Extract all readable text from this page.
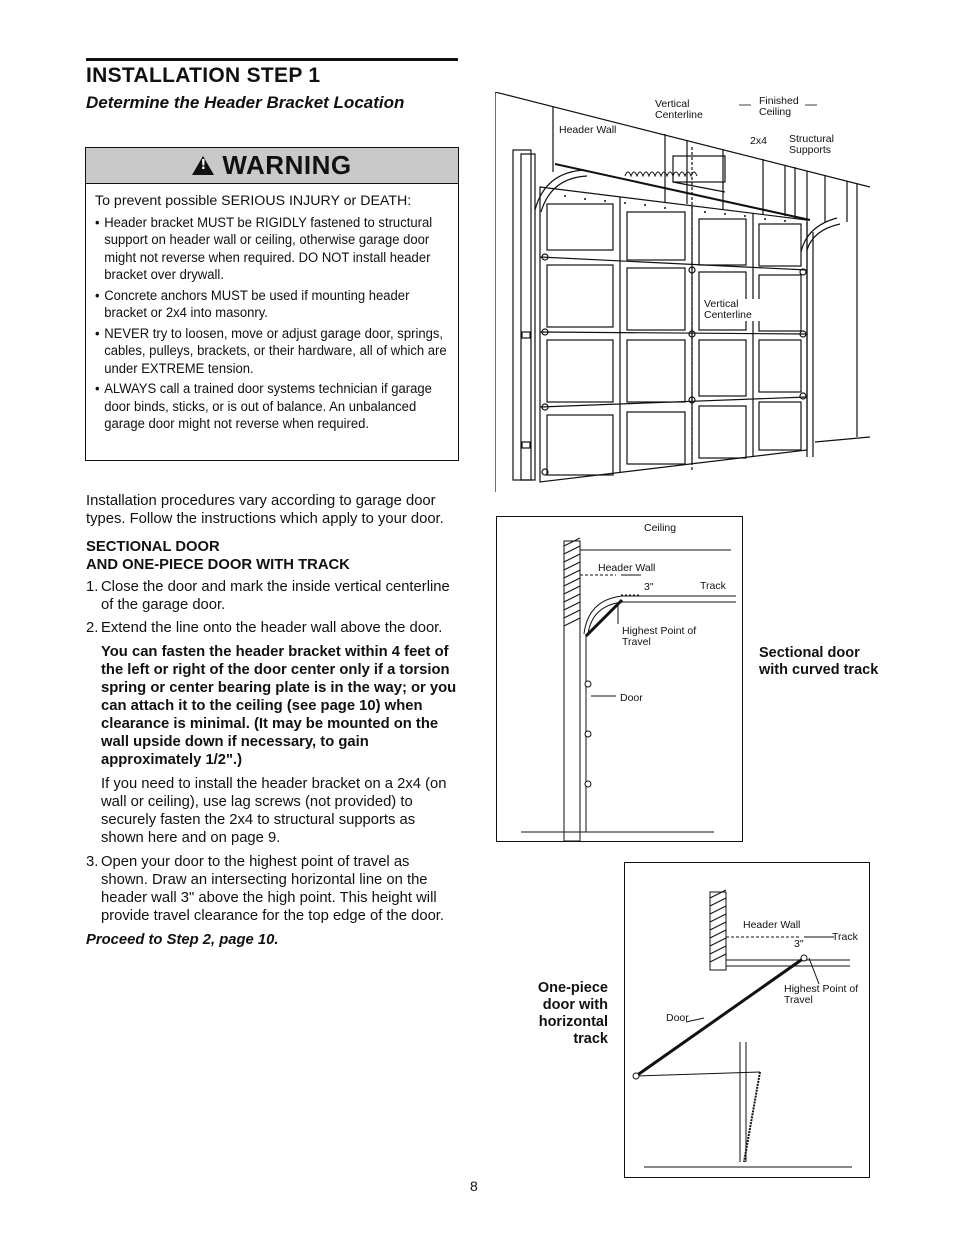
INSTALLATION STEP 1
Determine the Header Bracket Location
! WARNING
To prevent possible SERIOUS INJURY or DEATH:
• Header bracket MUST be RIGIDLY fastened to structural support on header wall or ceiling, otherwise garage door might not reverse when required. DO NOT install header bracket over drywall.
• Concrete anchors MUST be used if mounting header bracket or 2x4 into masonry.
• NEVER try to loosen, move or adjust garage door, springs, cables, pulleys, brackets, or their hardware, all of which are under EXTREME tension.
• ALWAYS call a trained door systems technician if garage door binds, sticks, or is out of balance. An unbalanced garage door might not reverse when required.

Installation procedures vary according to garage door types. Follow the instructions which apply to your door.

SECTIONAL DOOR
AND ONE-PIECE DOOR WITH TRACK
1. Close the door and mark the inside vertical centerline of the garage door.
2. Extend the line onto the header wall above the door.
You can fasten the header bracket within 4 feet of the left or right of the door center only if a torsion spring or center bearing plate is in the way; or you can attach it to the ceiling (see page 10) when clearance is minimal. (It may be mounted on the wall upside down if necessary, to gain approximately 1/2".)
If you need to install the header bracket on a 2x4 (on wall or ceiling), use lag screws (not provided) to securely fasten the 2x4 to structural supports as shown here and on page 9.
3. Open your door to the highest point of travel as shown. Draw an intersecting horizontal line on the header wall 3" above the high point. This height will provide travel clearance for the top edge of the door.
Proceed to Step 2, page 10.
8
Header Wall
Vertical Centerline
Finished Ceiling
2x4 Structural Supports
Vertical Centerline
Ceiling
Header Wall
3"	Track
Highest Point of Travel
Door
Sectional door with curved track
Header Wall
3"
Track
Highest Point of Travel
Door
One-piece door with horizontal track
